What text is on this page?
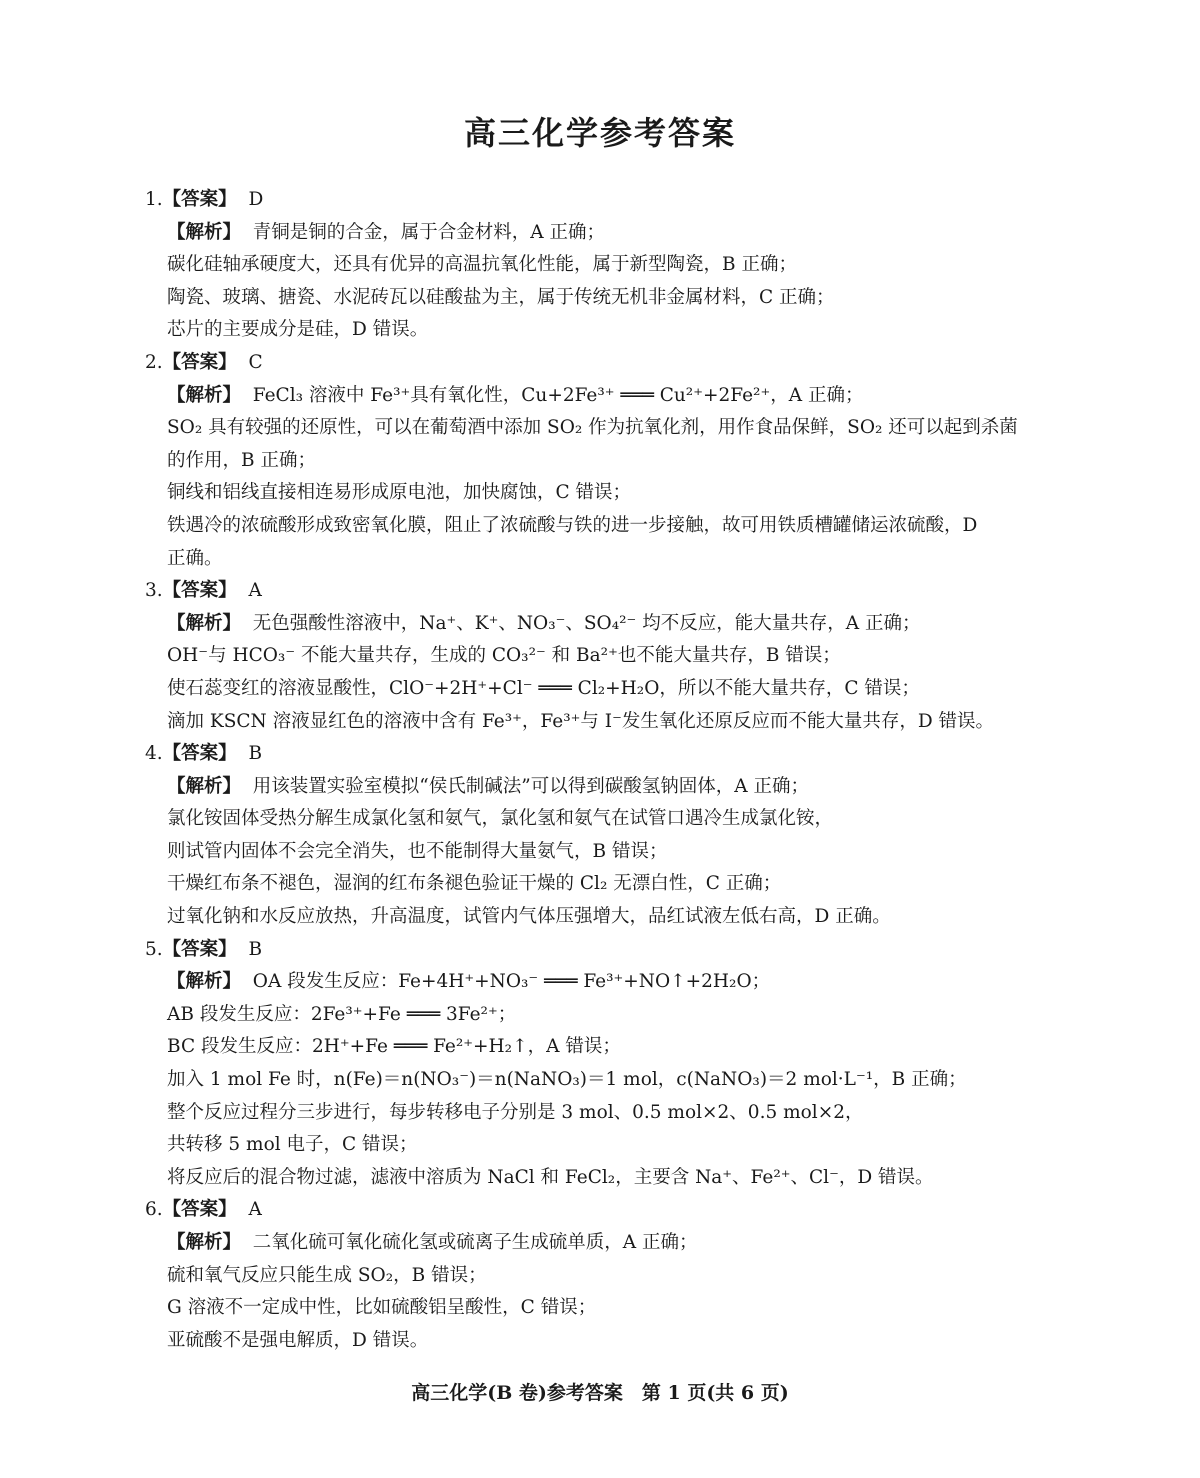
高三化学参考答案
1.【答案】 D
【解析】 青铜是铜的合金，属于合金材料，A 正确；
碳化硅轴承硬度大，还具有优异的高温抗氧化性能，属于新型陶瓷，B 正确；
陶瓷、玻璃、搪瓷、水泥砖瓦以硅酸盐为主，属于传统无机非金属材料，C 正确；
芯片的主要成分是硅，D 错误。
2.【答案】 C
【解析】 FeCl₃ 溶液中 Fe³⁺具有氧化性，Cu+2Fe³⁺ ═══ Cu²⁺+2Fe²⁺，A 正确；
SO₂ 具有较强的还原性，可以在葡萄酒中添加 SO₂ 作为抗氧化剂，用作食品保鲜，SO₂ 还可以起到杀菌
的作用，B 正确；
铜线和铝线直接相连易形成原电池，加快腐蚀，C 错误；
铁遇冷的浓硫酸形成致密氧化膜，阻止了浓硫酸与铁的进一步接触，故可用铁质槽罐储运浓硫酸，D
正确。
3.【答案】 A
【解析】 无色强酸性溶液中，Na⁺、K⁺、NO₃⁻、SO₄²⁻ 均不反应，能大量共存，A 正确；
OH⁻与 HCO₃⁻ 不能大量共存，生成的 CO₃²⁻ 和 Ba²⁺也不能大量共存，B 错误；
使石蕊变红的溶液显酸性，ClO⁻+2H⁺+Cl⁻ ═══ Cl₂+H₂O，所以不能大量共存，C 错误；
滴加 KSCN 溶液显红色的溶液中含有 Fe³⁺，Fe³⁺与 I⁻发生氧化还原反应而不能大量共存，D 错误。
4.【答案】 B
【解析】 用该装置实验室模拟“侯氏制碱法”可以得到碳酸氢钠固体，A 正确；
氯化铵固体受热分解生成氯化氢和氨气，氯化氢和氨气在试管口遇冷生成氯化铵，
则试管内固体不会完全消失，也不能制得大量氨气，B 错误；
干燥红布条不褪色，湿润的红布条褪色验证干燥的 Cl₂ 无漂白性，C 正确；
过氧化钠和水反应放热，升高温度，试管内气体压强增大，品红试液左低右高，D 正确。
5.【答案】 B
【解析】 OA 段发生反应：Fe+4H⁺+NO₃⁻ ═══ Fe³⁺+NO↑+2H₂O；
AB 段发生反应：2Fe³⁺+Fe ═══ 3Fe²⁺；
BC 段发生反应：2H⁺+Fe ═══ Fe²⁺+H₂↑，A 错误；
加入 1 mol Fe 时，n(Fe)＝n(NO₃⁻)＝n(NaNO₃)＝1 mol，c(NaNO₃)＝2 mol·L⁻¹，B 正确；
整个反应过程分三步进行，每步转移电子分别是 3 mol、0.5 mol×2、0.5 mol×2，
共转移 5 mol 电子，C 错误；
将反应后的混合物过滤，滤液中溶质为 NaCl 和 FeCl₂，主要含 Na⁺、Fe²⁺、Cl⁻，D 错误。
6.【答案】 A
【解析】 二氧化硫可氧化硫化氢或硫离子生成硫单质，A 正确；
硫和氧气反应只能生成 SO₂，B 错误；
G 溶液不一定成中性，比如硫酸铝呈酸性，C 错误；
亚硫酸不是强电解质，D 错误。
高三化学(B 卷)参考答案　第 1 页(共 6 页)
